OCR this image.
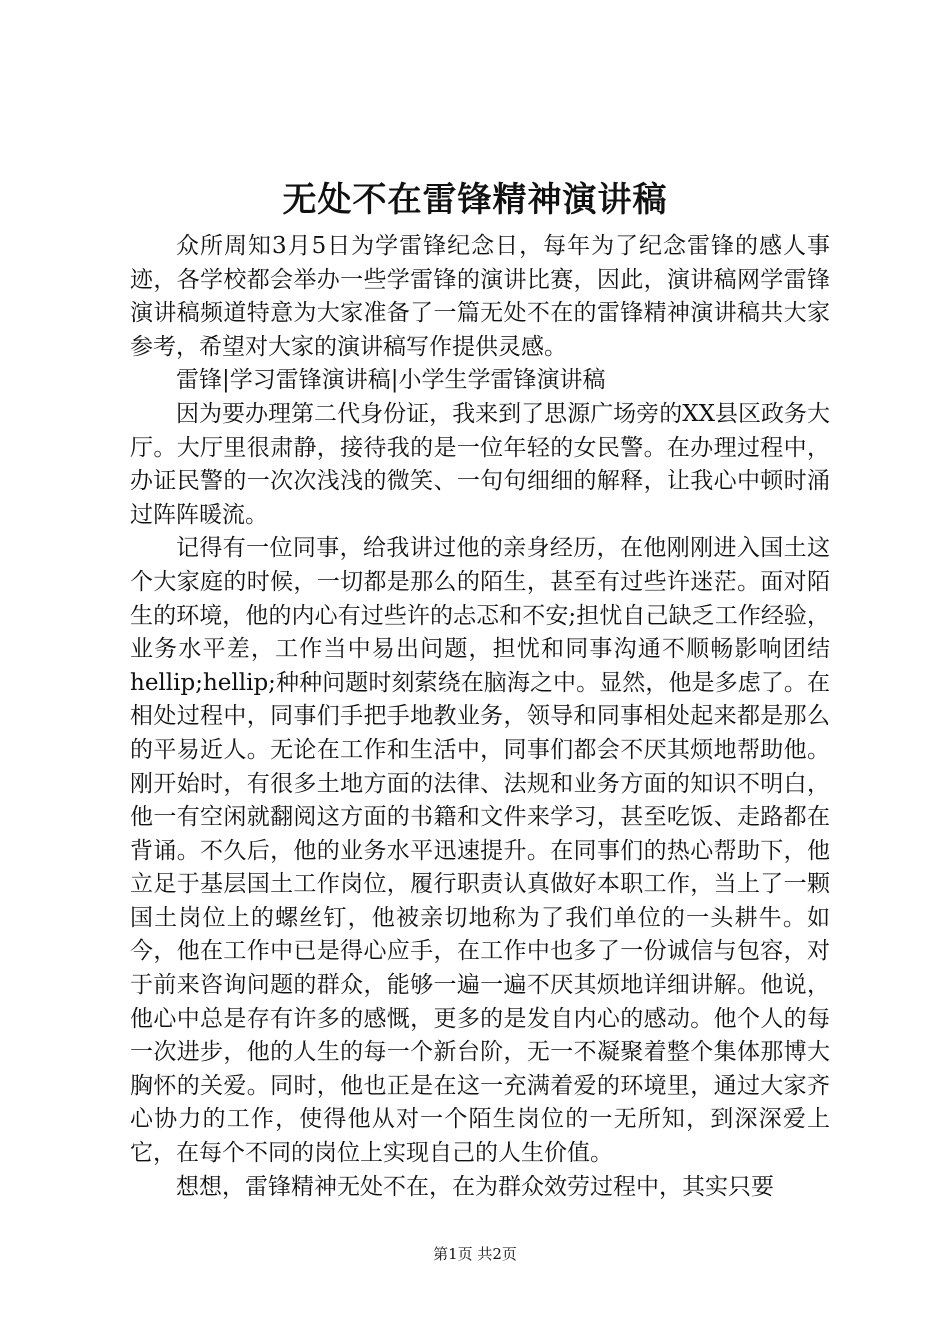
无处不在雷锋精神演讲稿

众所周知3月5日为学雷锋纪念日，每年为了纪念雷锋的感人事迹，各学校都会举办一些学雷锋的演讲比赛，因此，演讲稿网学雷锋演讲稿频道特意为大家准备了一篇无处不在的雷锋精神演讲稿共大家参考，希望对大家的演讲稿写作提供灵感。

雷锋|学习雷锋演讲稿|小学生学雷锋演讲稿

因为要办理第二代身份证，我来到了思源广场旁的XX县区政务大厅。大厅里很肃静，接待我的是一位年轻的女民警。在办理过程中，办证民警的一次次浅浅的微笑、一句句细细的解释，让我心中顿时涌过阵阵暖流。

记得有一位同事，给我讲过他的亲身经历，在他刚刚进入国土这个大家庭的时候，一切都是那么的陌生，甚至有过些许迷茫。面对陌生的环境，他的内心有过些许的忐忑和不安;担忧自己缺乏工作经验，业务水平差，工作当中易出问题，担忧和同事沟通不顺畅影响团结hellip;hellip;种种问题时刻萦绕在脑海之中。显然，他是多虑了。在相处过程中，同事们手把手地教业务，领导和同事相处起来都是那么的平易近人。无论在工作和生活中，同事们都会不厌其烦地帮助他。刚开始时，有很多土地方面的法律、法规和业务方面的知识不明白，他一有空闲就翻阅这方面的书籍和文件来学习，甚至吃饭、走路都在背诵。不久后，他的业务水平迅速提升。在同事们的热心帮助下，他立足于基层国土工作岗位，履行职责认真做好本职工作，当上了一颗国土岗位上的螺丝钉，他被亲切地称为了我们单位的一头耕牛。如今，他在工作中已是得心应手，在工作中也多了一份诚信与包容，对于前来咨询问题的群众，能够一遍一遍不厌其烦地详细讲解。他说，他心中总是存有许多的感慨，更多的是发自内心的感动。他个人的每一次进步，他的人生的每一个新台阶，无一不凝聚着整个集体那博大胸怀的关爱。同时，他也正是在这一充满着爱的环境里，通过大家齐心协力的工作，使得他从对一个陌生岗位的一无所知，到深深爱上它，在每个不同的岗位上实现自己的人生价值。

想想，雷锋精神无处不在，在为群众效劳过程中，其实只要

第1页 共2页
